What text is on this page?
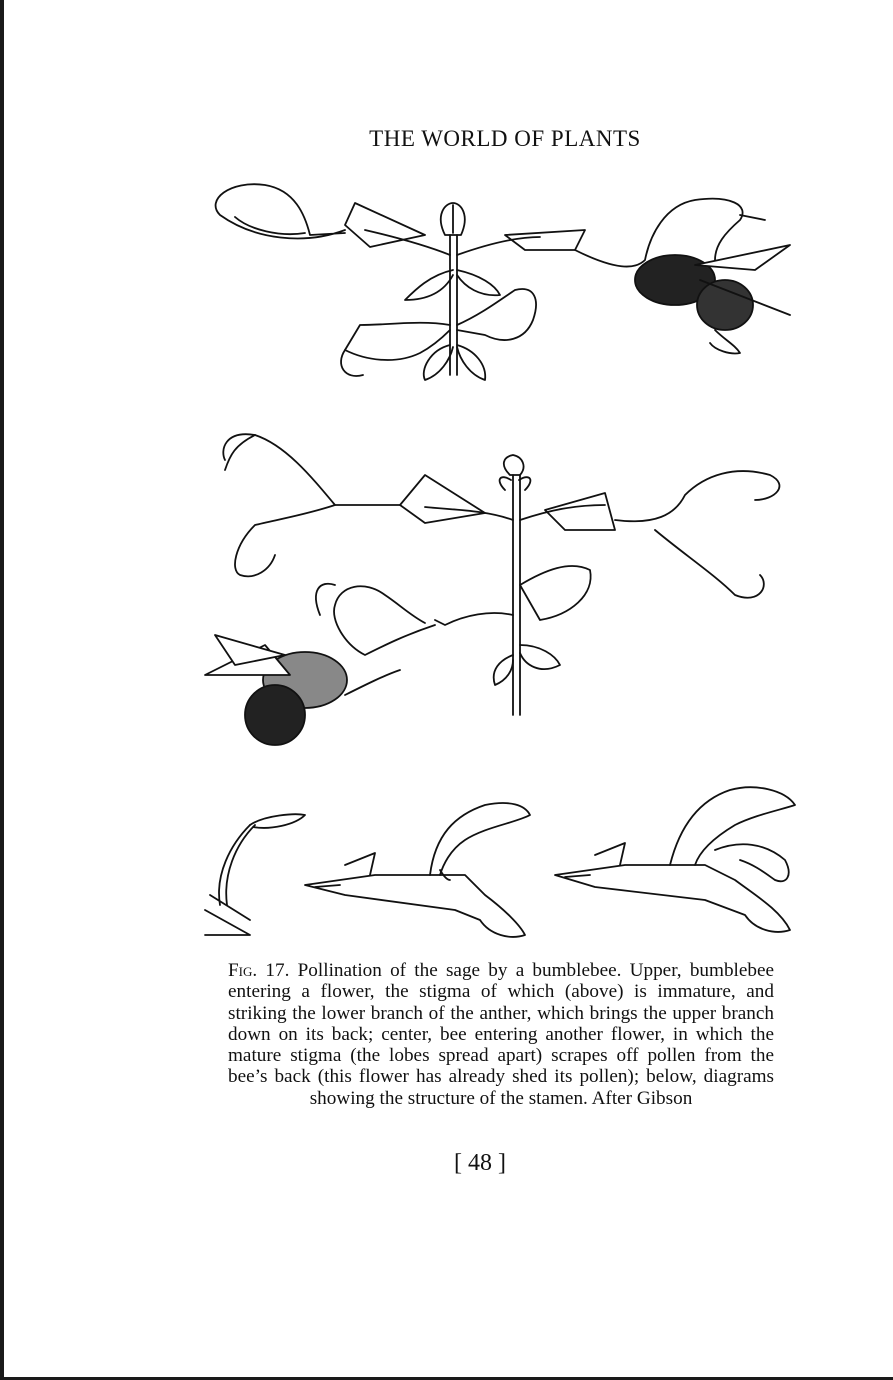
THE WORLD OF PLANTS
Fig. 17. Pollination of the sage by a bumblebee. Upper, bumblebee entering a flower, the stigma of which (above) is immature, and striking the lower branch of the anther, which brings the upper branch down on its back; center, bee entering another flower, in which the mature stigma (the lobes spread apart) scrapes off pollen from the bee’s back (this flower has already shed its pollen); below, diagrams showing the structure of the stamen. After Gibson
[ 48 ]
